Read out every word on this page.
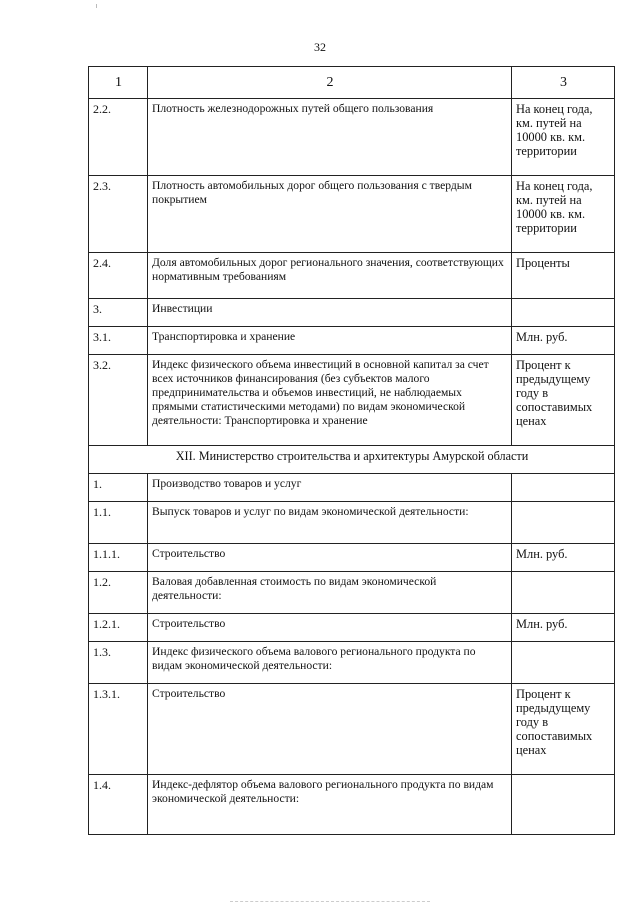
32
1	2	3
2.2.	Плотность железнодорожных путей общего пользования	На конец года, км. путей на 10000 кв. км. территории
2.3.	Плотность автомобильных дорог общего пользования с твердым покрытием	На конец года, км. путей на 10000 кв. км. территории
2.4.	Доля автомобильных дорог регионального значения, соответствующих нормативным требованиям	Проценты
3.	Инвестиции	
3.1.	Транспортировка и хранение	Млн. руб.
3.2.	Индекс физического объема инвестиций в основной капитал за счет всех источников финансирования (без субъектов малого предпринимательства и объемов инвестиций, не наблюдаемых прямыми статистическими методами) по видам экономической деятельности: Транспортировка и хранение	Процент к предыдущему году в сопоставимых ценах
XII. Министерство строительства и архитектуры Амурской области		
1.	Производство товаров и услуг	
1.1.	Выпуск товаров и услуг по видам экономической деятельности:	
1.1.1.	Строительство	Млн. руб.
1.2.	Валовая добавленная стоимость по видам экономической деятельности:	
1.2.1.	Строительство	Млн. руб.
1.3.	Индекс физического объема валового регионального продукта по видам экономической деятельности:	
1.3.1.	Строительство	Процент к предыдущему году в сопоставимых ценах
1.4.	Индекс-дефлятор объема валового регионального продукта по видам экономической деятельности:	
